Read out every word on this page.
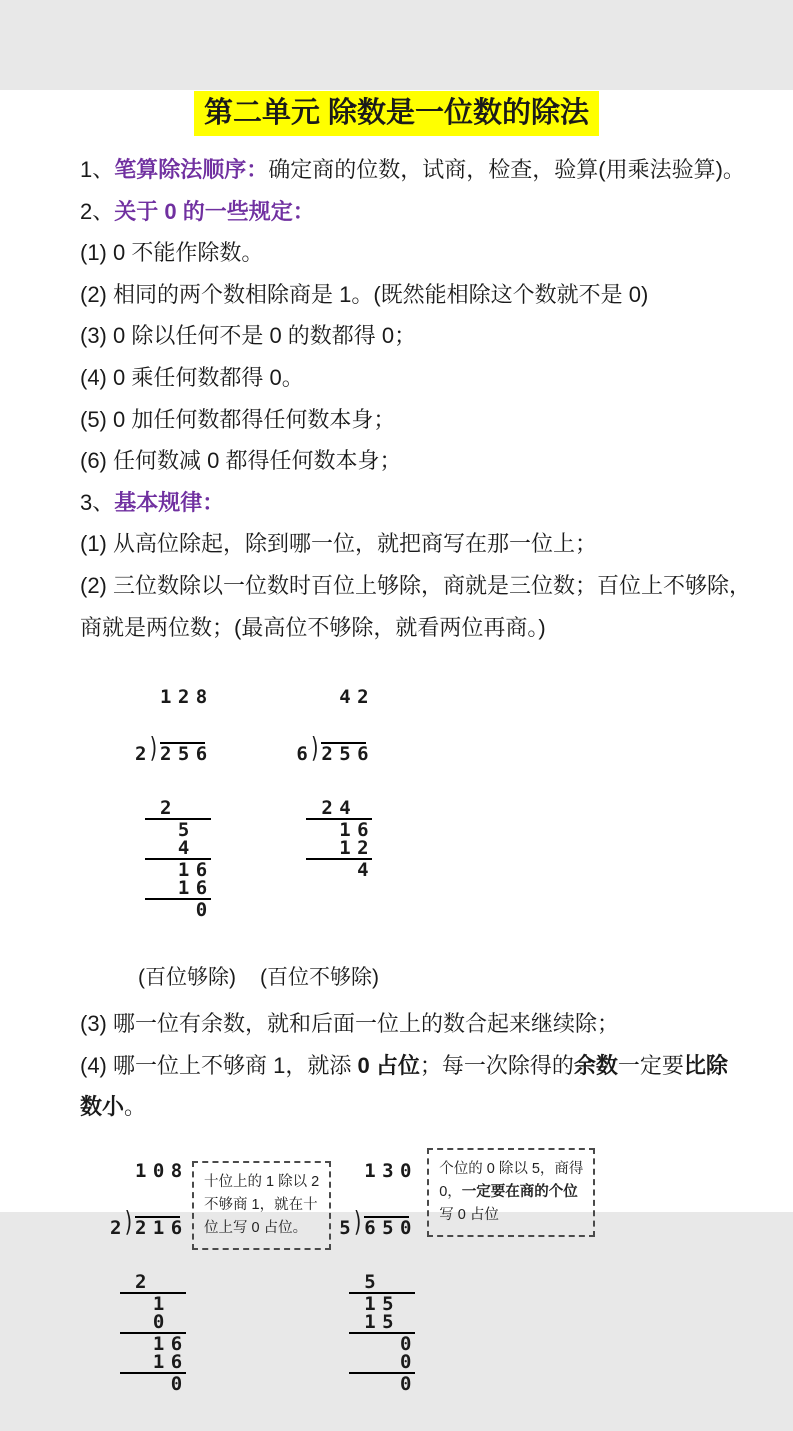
第二单元 除数是一位数的除法

1、笔算除法顺序：确定商的位数，试商，检查，验算(用乘法验算)。

2、关于 0 的一些规定：

(1) 0 不能作除数。

(2) 相同的两个数相除商是 1。(既然能相除这个数就不是 0)

(3) 0 除以任何不是 0 的数都得 0；

(4) 0 乘任何数都得 0。

(5) 0 加任何数都得任何数本身；

(6) 任何数减 0 都得任何数本身；

3、基本规律：

(1) 从高位除起，除到哪一位，就把商写在那一位上；

(2) 三位数除以一位数时百位上够除，商就是三位数；百位上不够除，
商就是两位数；(最高位不够除，就看两位再商。)

1 2 8

2 ) 2 5 6

2
5
4
1 6
1 6
0

4 2

6 ) 2 5 6

2 4
1 6
1 2
4

(百位够除) (百位不够除)

(3) 哪一位有余数，就和后面一位上的数合起来继续除；

(4) 哪一位上不够商 1，就添 0 占位；每一次除得的余数一定要比除
数小。

1 0 8

2 ) 2 1 6

2
1
0
1 6
1 6
0

十位上的 1 除以 2
不够商 1，就在十
位上写 0 占位。

1 3 0

5 ) 6 5 0

5
1 5
1 5
0
0
0

个位的 0 除以 5，商得
0，一定要在商的个位
写 0 占位
